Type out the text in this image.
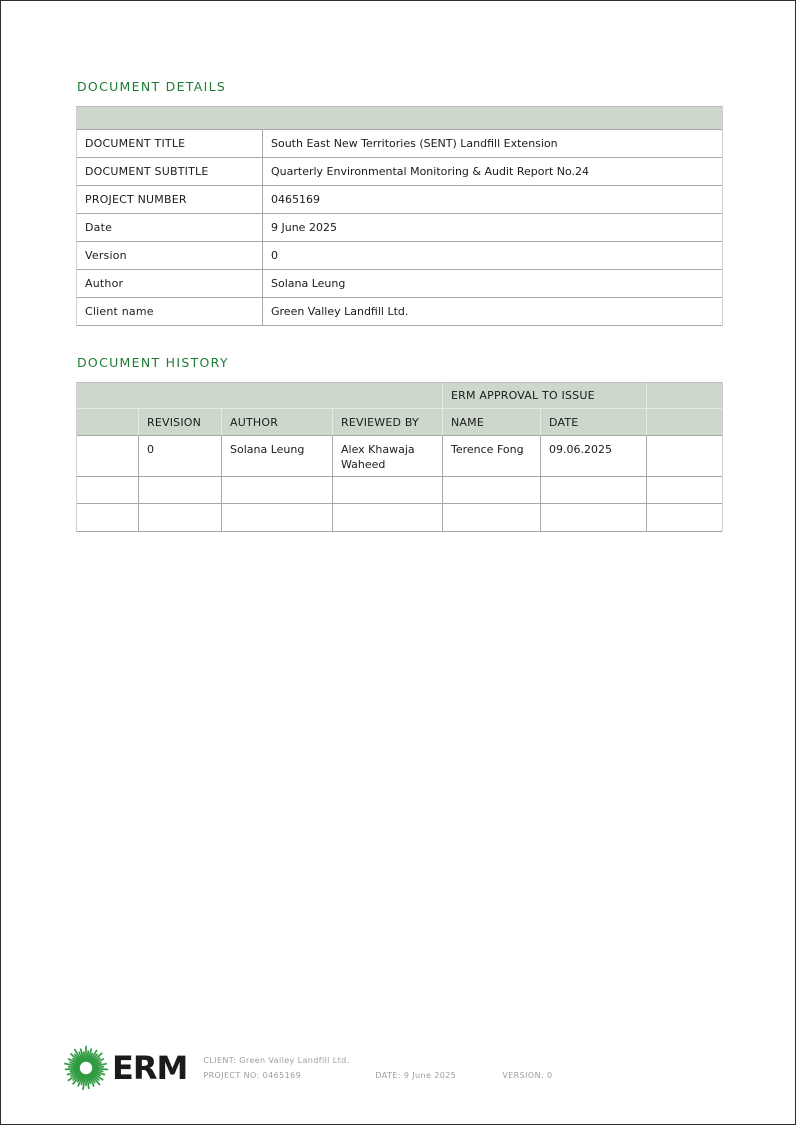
DOCUMENT DETAILS

DOCUMENT TITLE	South East New Territories (SENT) Landfill Extension
DOCUMENT SUBTITLE	Quarterly Environmental Monitoring & Audit Report No.24
PROJECT NUMBER	0465169
Date	9 June 2025
Version	0
Author	Solana Leung
Client name	Green Valley Landfill Ltd.
DOCUMENT HISTORY
				ERM APPROVAL TO ISSUE		
	REVISION	AUTHOR	REVIEWED BY	NAME	DATE	
	0	Solana Leung	Alex Khawaja Waheed	Terence Fong	09.06.2025	

ERM CLIENT: Green Valley Landfill Ltd.
PROJECT NO: 0465169	DATE: 9 June 2025	VERSION: 0
